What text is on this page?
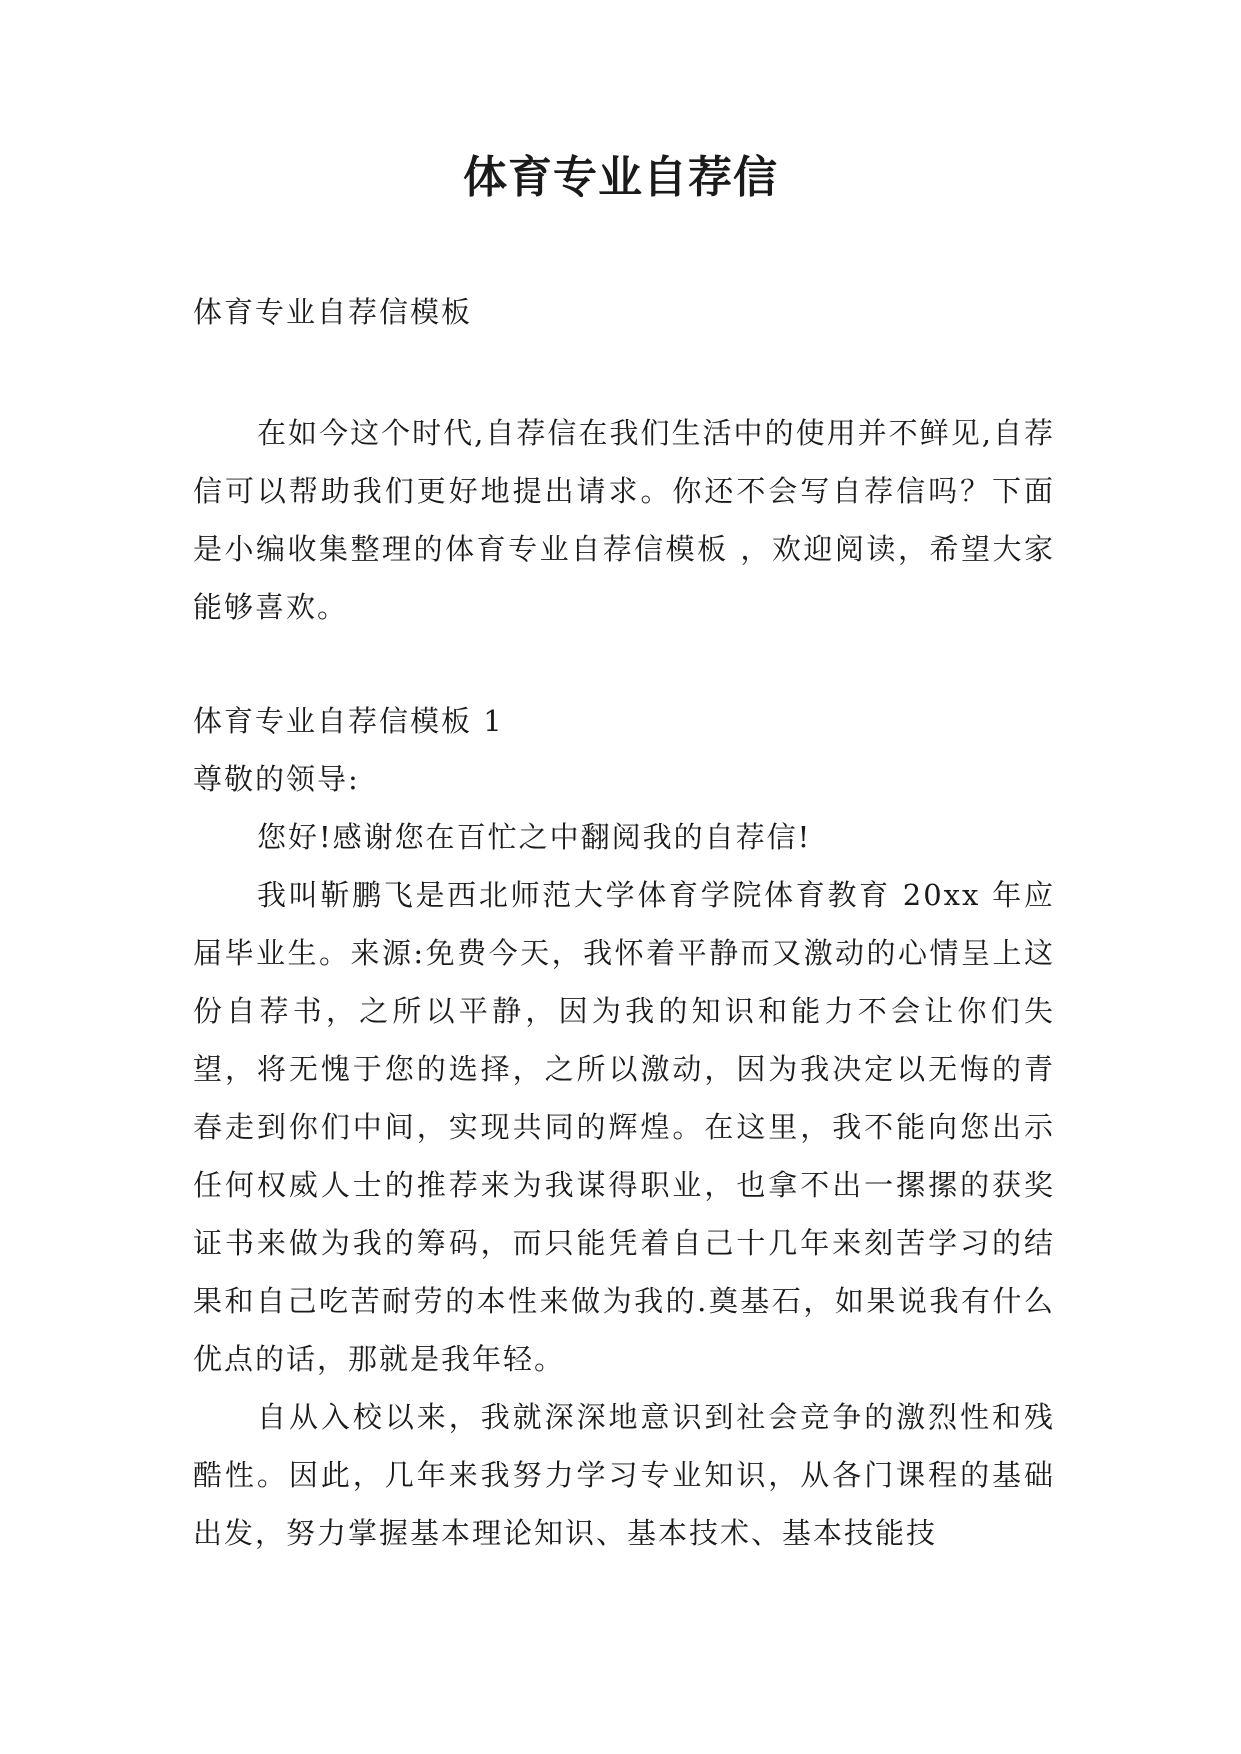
体育专业自荐信
体育专业自荐信模板

在如今这个时代,自荐信在我们生活中的使用并不鲜见,自荐信可以帮助我们更好地提出请求。你还不会写自荐信吗？下面是小编收集整理的体育专业自荐信模板 ，欢迎阅读，希望大家能够喜欢。

体育专业自荐信模板 1

尊敬的领导:

您好!感谢您在百忙之中翻阅我的自荐信!

我叫靳鹏飞是西北师范大学体育学院体育教育 20xx 年应届毕业生。来源:免费今天，我怀着平静而又激动的心情呈上这份自荐书，之所以平静，因为我的知识和能力不会让你们失望，将无愧于您的选择，之所以激动，因为我决定以无悔的青春走到你们中间，实现共同的辉煌。在这里，我不能向您出示任何权威人士的推荐来为我谋得职业，也拿不出一摞摞的获奖证书来做为我的筹码，而只能凭着自己十几年来刻苦学习的结果和自己吃苦耐劳的本性来做为我的.奠基石，如果说我有什么优点的话，那就是我年轻。

自从入校以来，我就深深地意识到社会竞争的激烈性和残酷性。因此，几年来我努力学习专业知识，从各门课程的基础出发，努力掌握基本理论知识、基本技术、基本技能技
